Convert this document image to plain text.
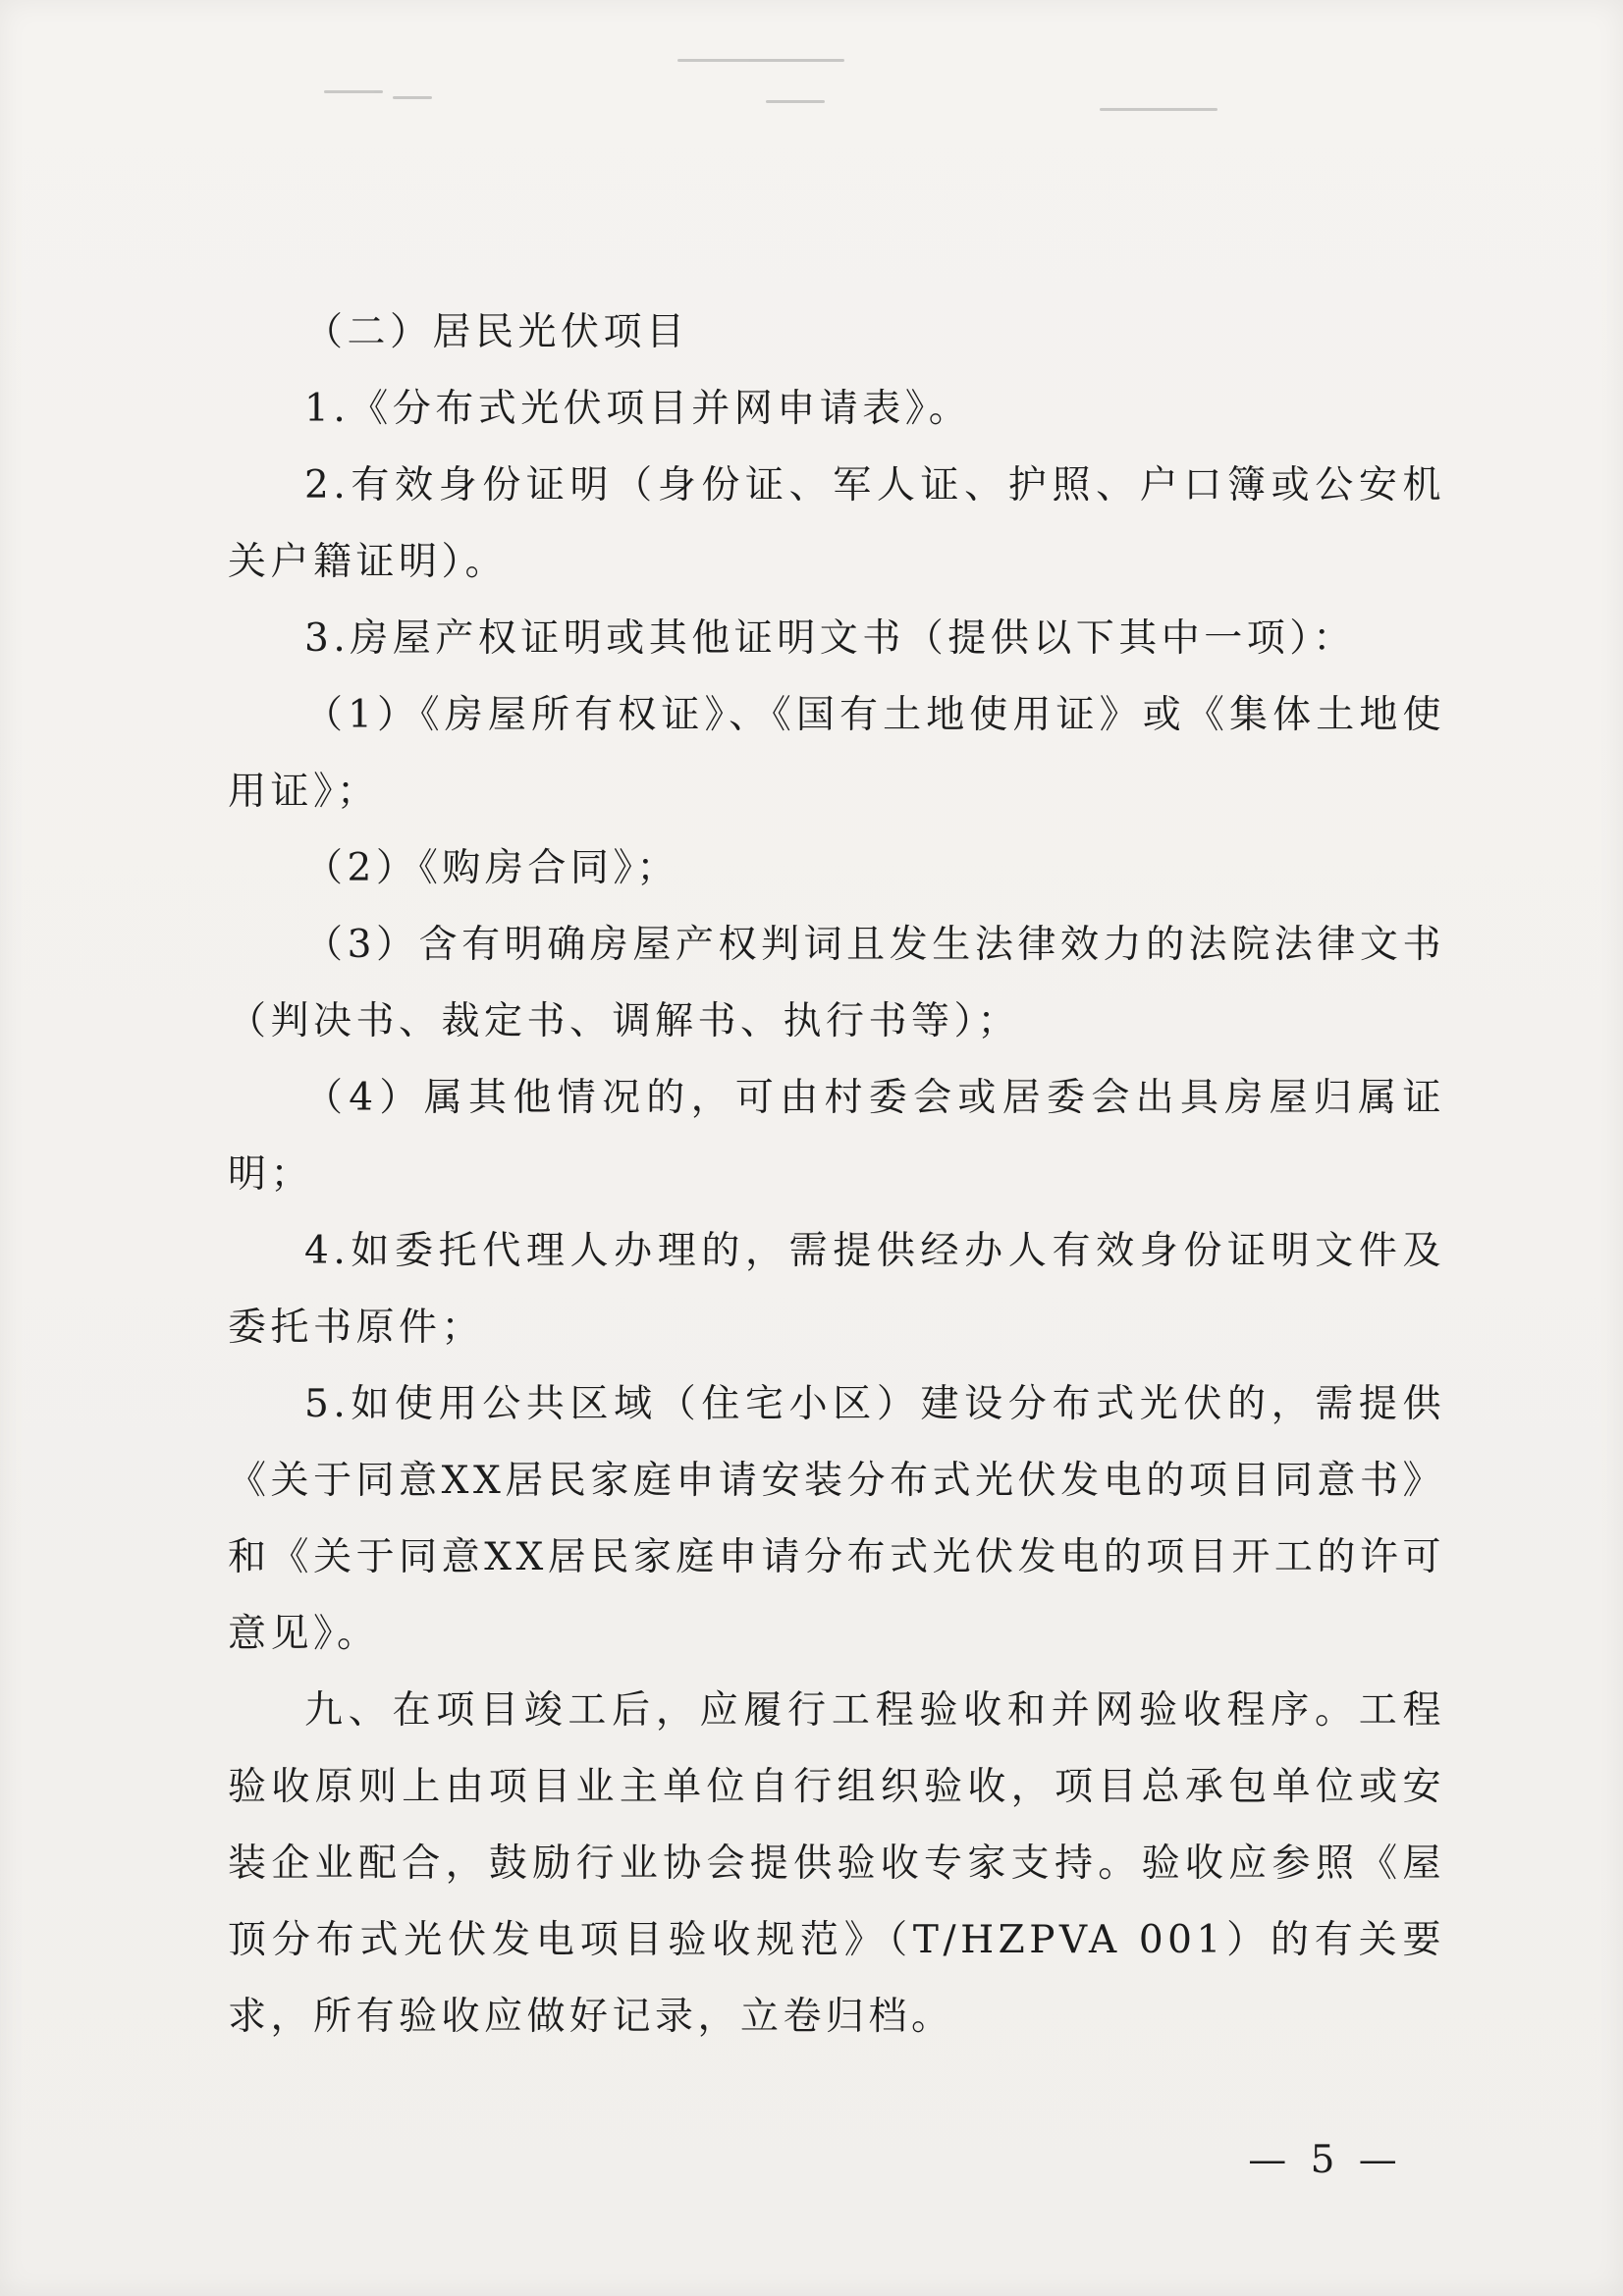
（二）居民光伏项目

1.《分布式光伏项目并网申请表》。

2.有效身份证明（身份证、军人证、护照、户口簿或公安机关户籍证明）。

3.房屋产权证明或其他证明文书（提供以下其中一项）：

（1）《房屋所有权证》、《国有土地使用证》或《集体土地使用证》；

（2）《购房合同》；

（3）含有明确房屋产权判词且发生法律效力的法院法律文书（判决书、裁定书、调解书、执行书等）；

（4）属其他情况的，可由村委会或居委会出具房屋归属证明；

4.如委托代理人办理的，需提供经办人有效身份证明文件及委托书原件；

5.如使用公共区域（住宅小区）建设分布式光伏的，需提供《关于同意XX居民家庭申请安装分布式光伏发电的项目同意书》和《关于同意XX居民家庭申请分布式光伏发电的项目开工的许可意见》。

九、在项目竣工后，应履行工程验收和并网验收程序。工程验收原则上由项目业主单位自行组织验收，项目总承包单位或安装企业配合，鼓励行业协会提供验收专家支持。验收应参照《屋顶分布式光伏发电项目验收规范》（T/HZPVA 001）的有关要求，所有验收应做好记录，立卷归档。

— 5 —
